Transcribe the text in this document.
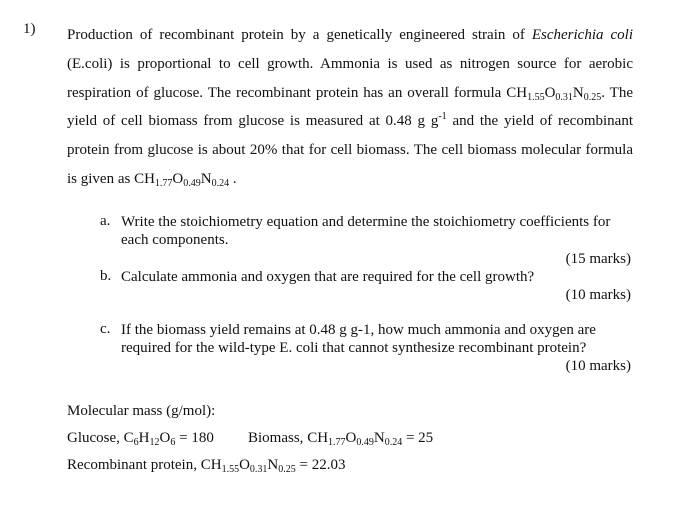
1) Production of recombinant protein by a genetically engineered strain of Escherichia coli (E.coli) is proportional to cell growth. Ammonia is used as nitrogen source for aerobic respiration of glucose. The recombinant protein has an overall formula $CH_{1.55}O_{0.31}N_{0.25}$. The yield of cell biomass from glucose is measured at 0.48 g $g^{-1}$ and the yield of recombinant protein from glucose is about 20% that for cell biomass. The cell biomass molecular formula is given as $CH_{1.77}O_{0.49}N_{0.24}$ .
a. Write the stoichiometry equation and determine the stoichiometry coefficients for each components.
(15 marks)
b. Calculate ammonia and oxygen that are required for the cell growth?
(10 marks)
c. If the biomass yield remains at 0.48 g g-1, how much ammonia and oxygen are required for the wild-type E. coli that cannot synthesize recombinant protein?
(10 marks)
Molecular mass (g/mol):
Glucose, $C_6H_{12}O_6 = 180$ Biomass, $CH_{1.77}O_{0.49}N_{0.24} = 25$
Recombinant protein, $CH_{1.55}O_{0.31}N_{0.25} = 22.03$
